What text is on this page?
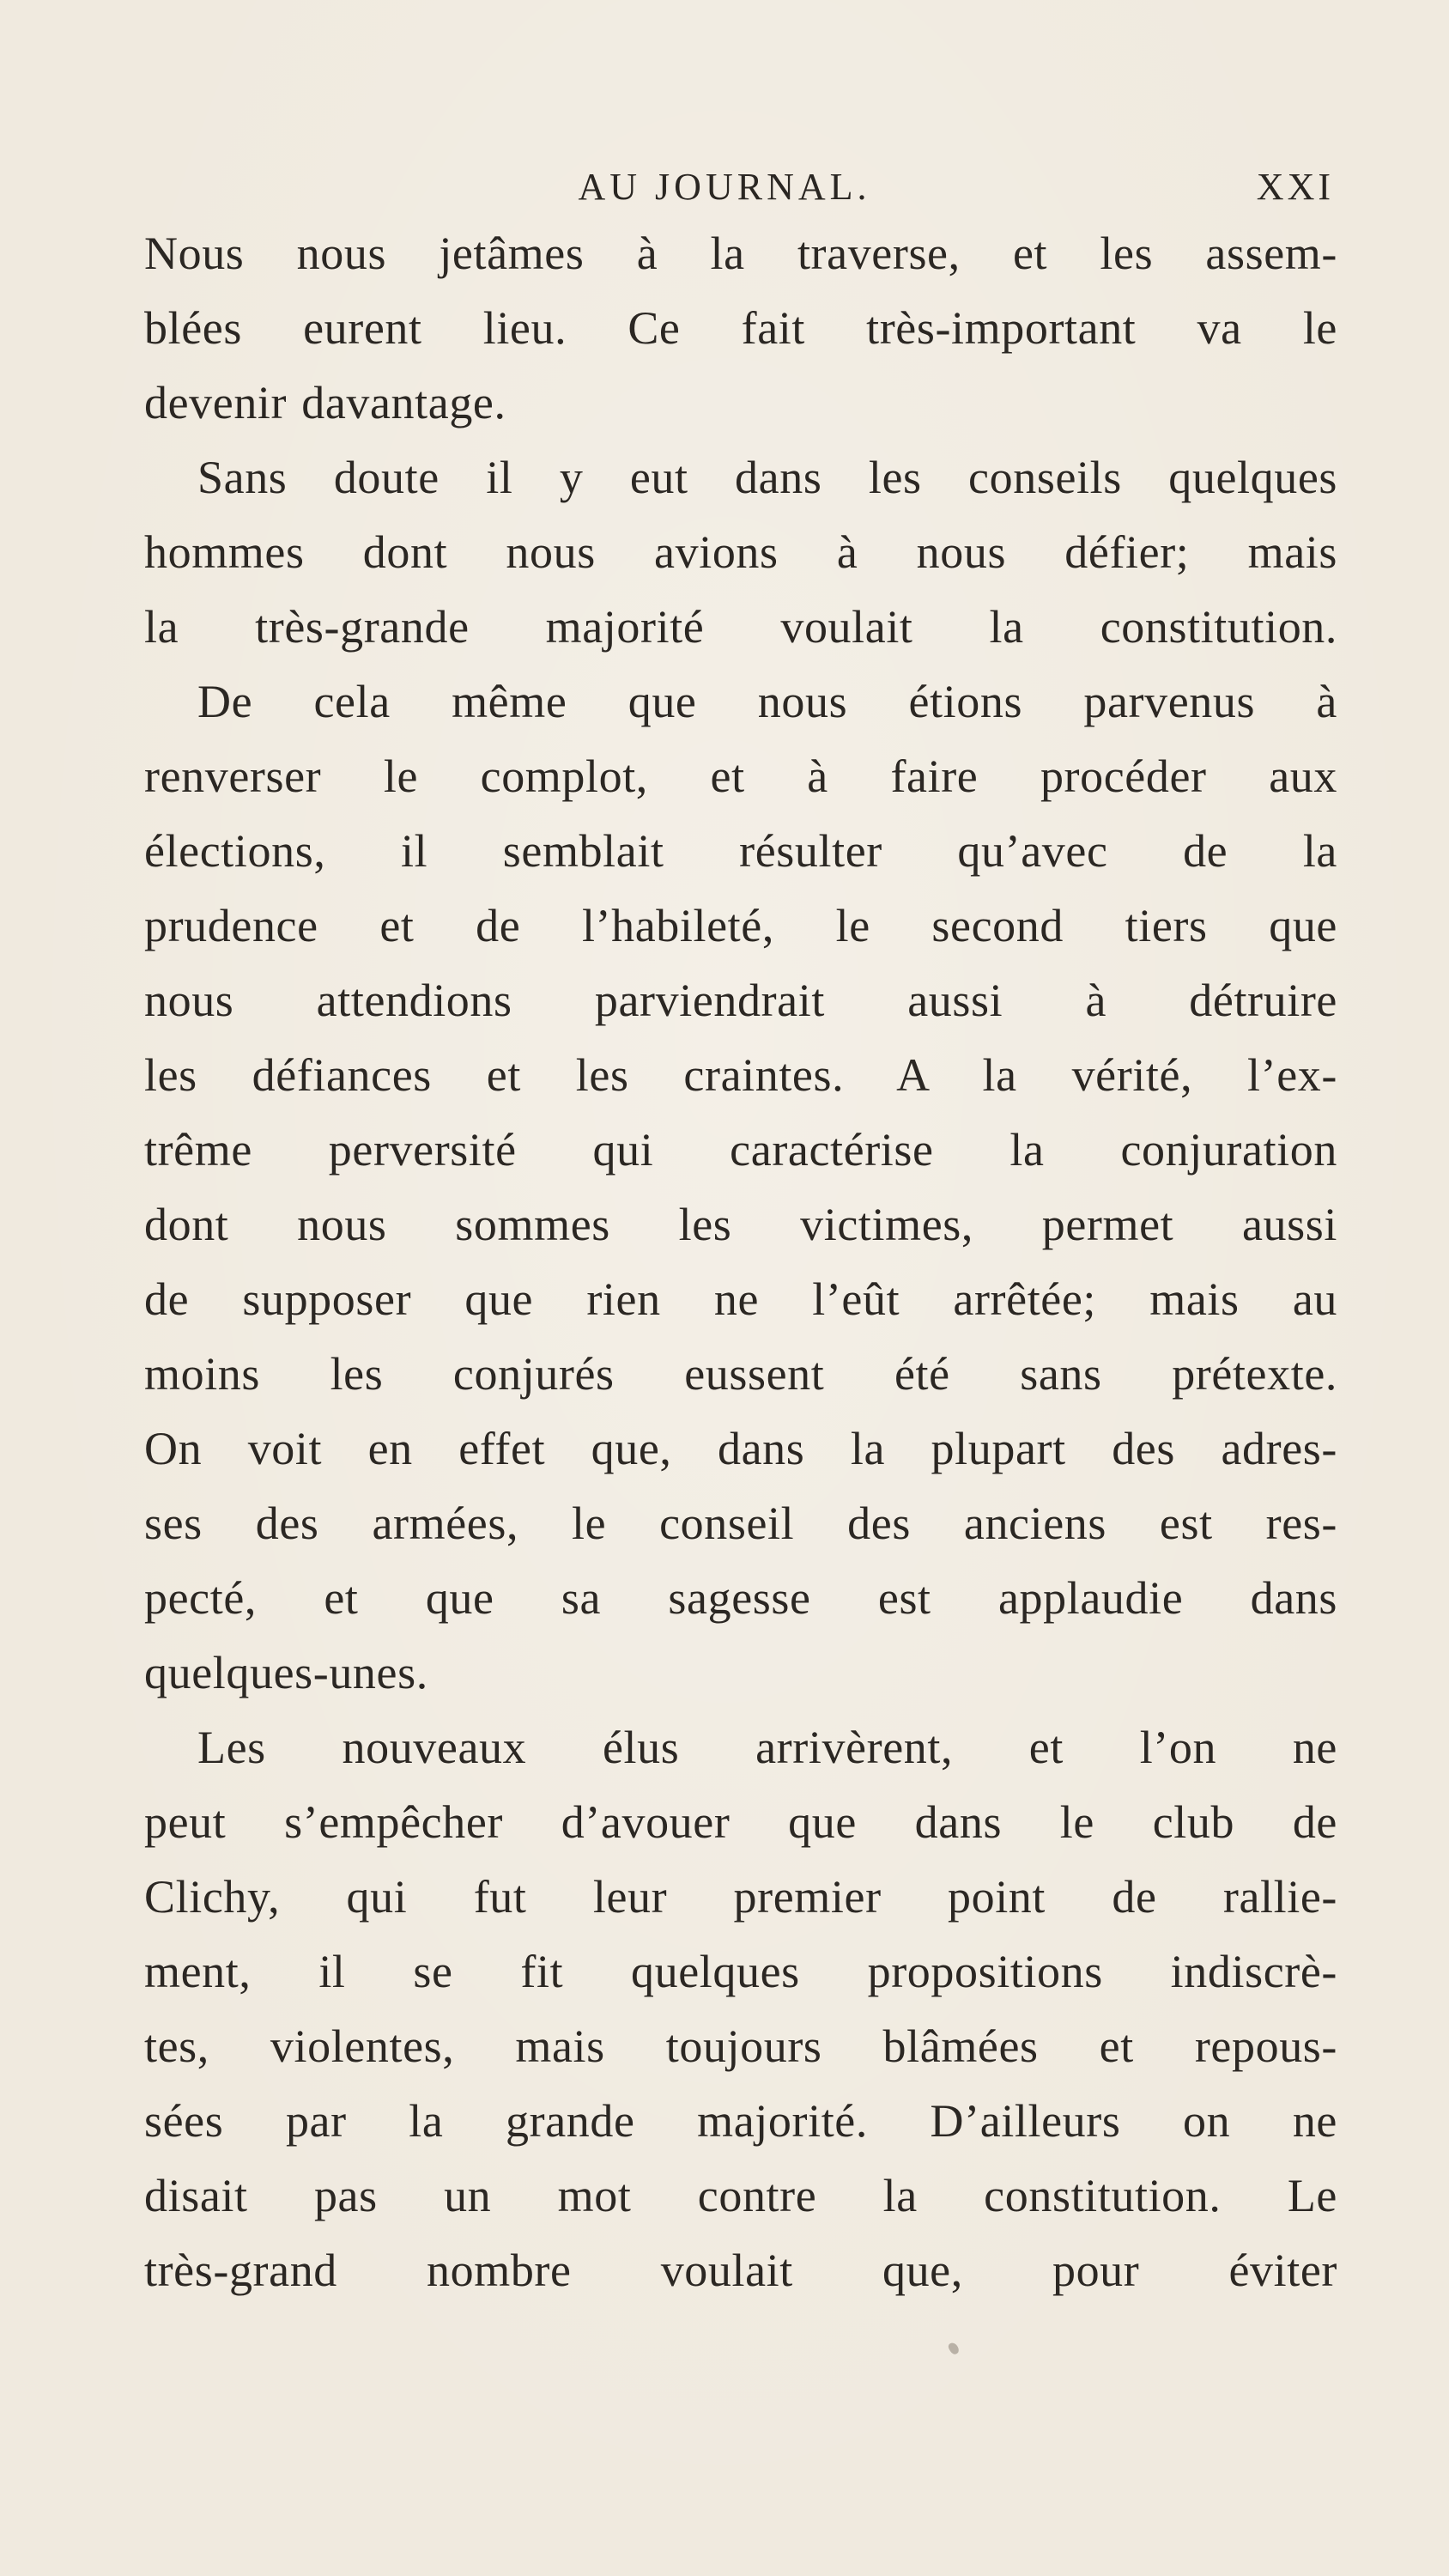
AU JOURNAL.	XXI
Nous nous jetâmes à la traverse, et les assem-
blées eurent lieu. Ce fait très-important va le
devenir davantage.
Sans doute il y eut dans les conseils quelques
hommes dont nous avions à nous défier; mais
la très-grande majorité voulait la constitution.
De cela même que nous étions parvenus à
renverser le complot, et à faire procéder aux
élections, il semblait résulter qu’avec de la
prudence et de l’habileté, le second tiers que
nous attendions parviendrait aussi à détruire
les défiances et les craintes. A la vérité, l’ex-
trême perversité qui caractérise la conjuration
dont nous sommes les victimes, permet aussi
de supposer que rien ne l’eût arrêtée; mais au
moins les conjurés eussent été sans prétexte.
On voit en effet que, dans la plupart des adres-
ses des armées, le conseil des anciens est res-
pecté, et que sa sagesse est applaudie dans
quelques-unes.
Les nouveaux élus arrivèrent, et l’on ne
peut s’empêcher d’avouer que dans le club de
Clichy, qui fut leur premier point de rallie-
ment, il se fit quelques propositions indiscrè-
tes, violentes, mais toujours blâmées et repous-
sées par la grande majorité. D’ailleurs on ne
disait pas un mot contre la constitution. Le
très-grand nombre voulait que, pour éviter
